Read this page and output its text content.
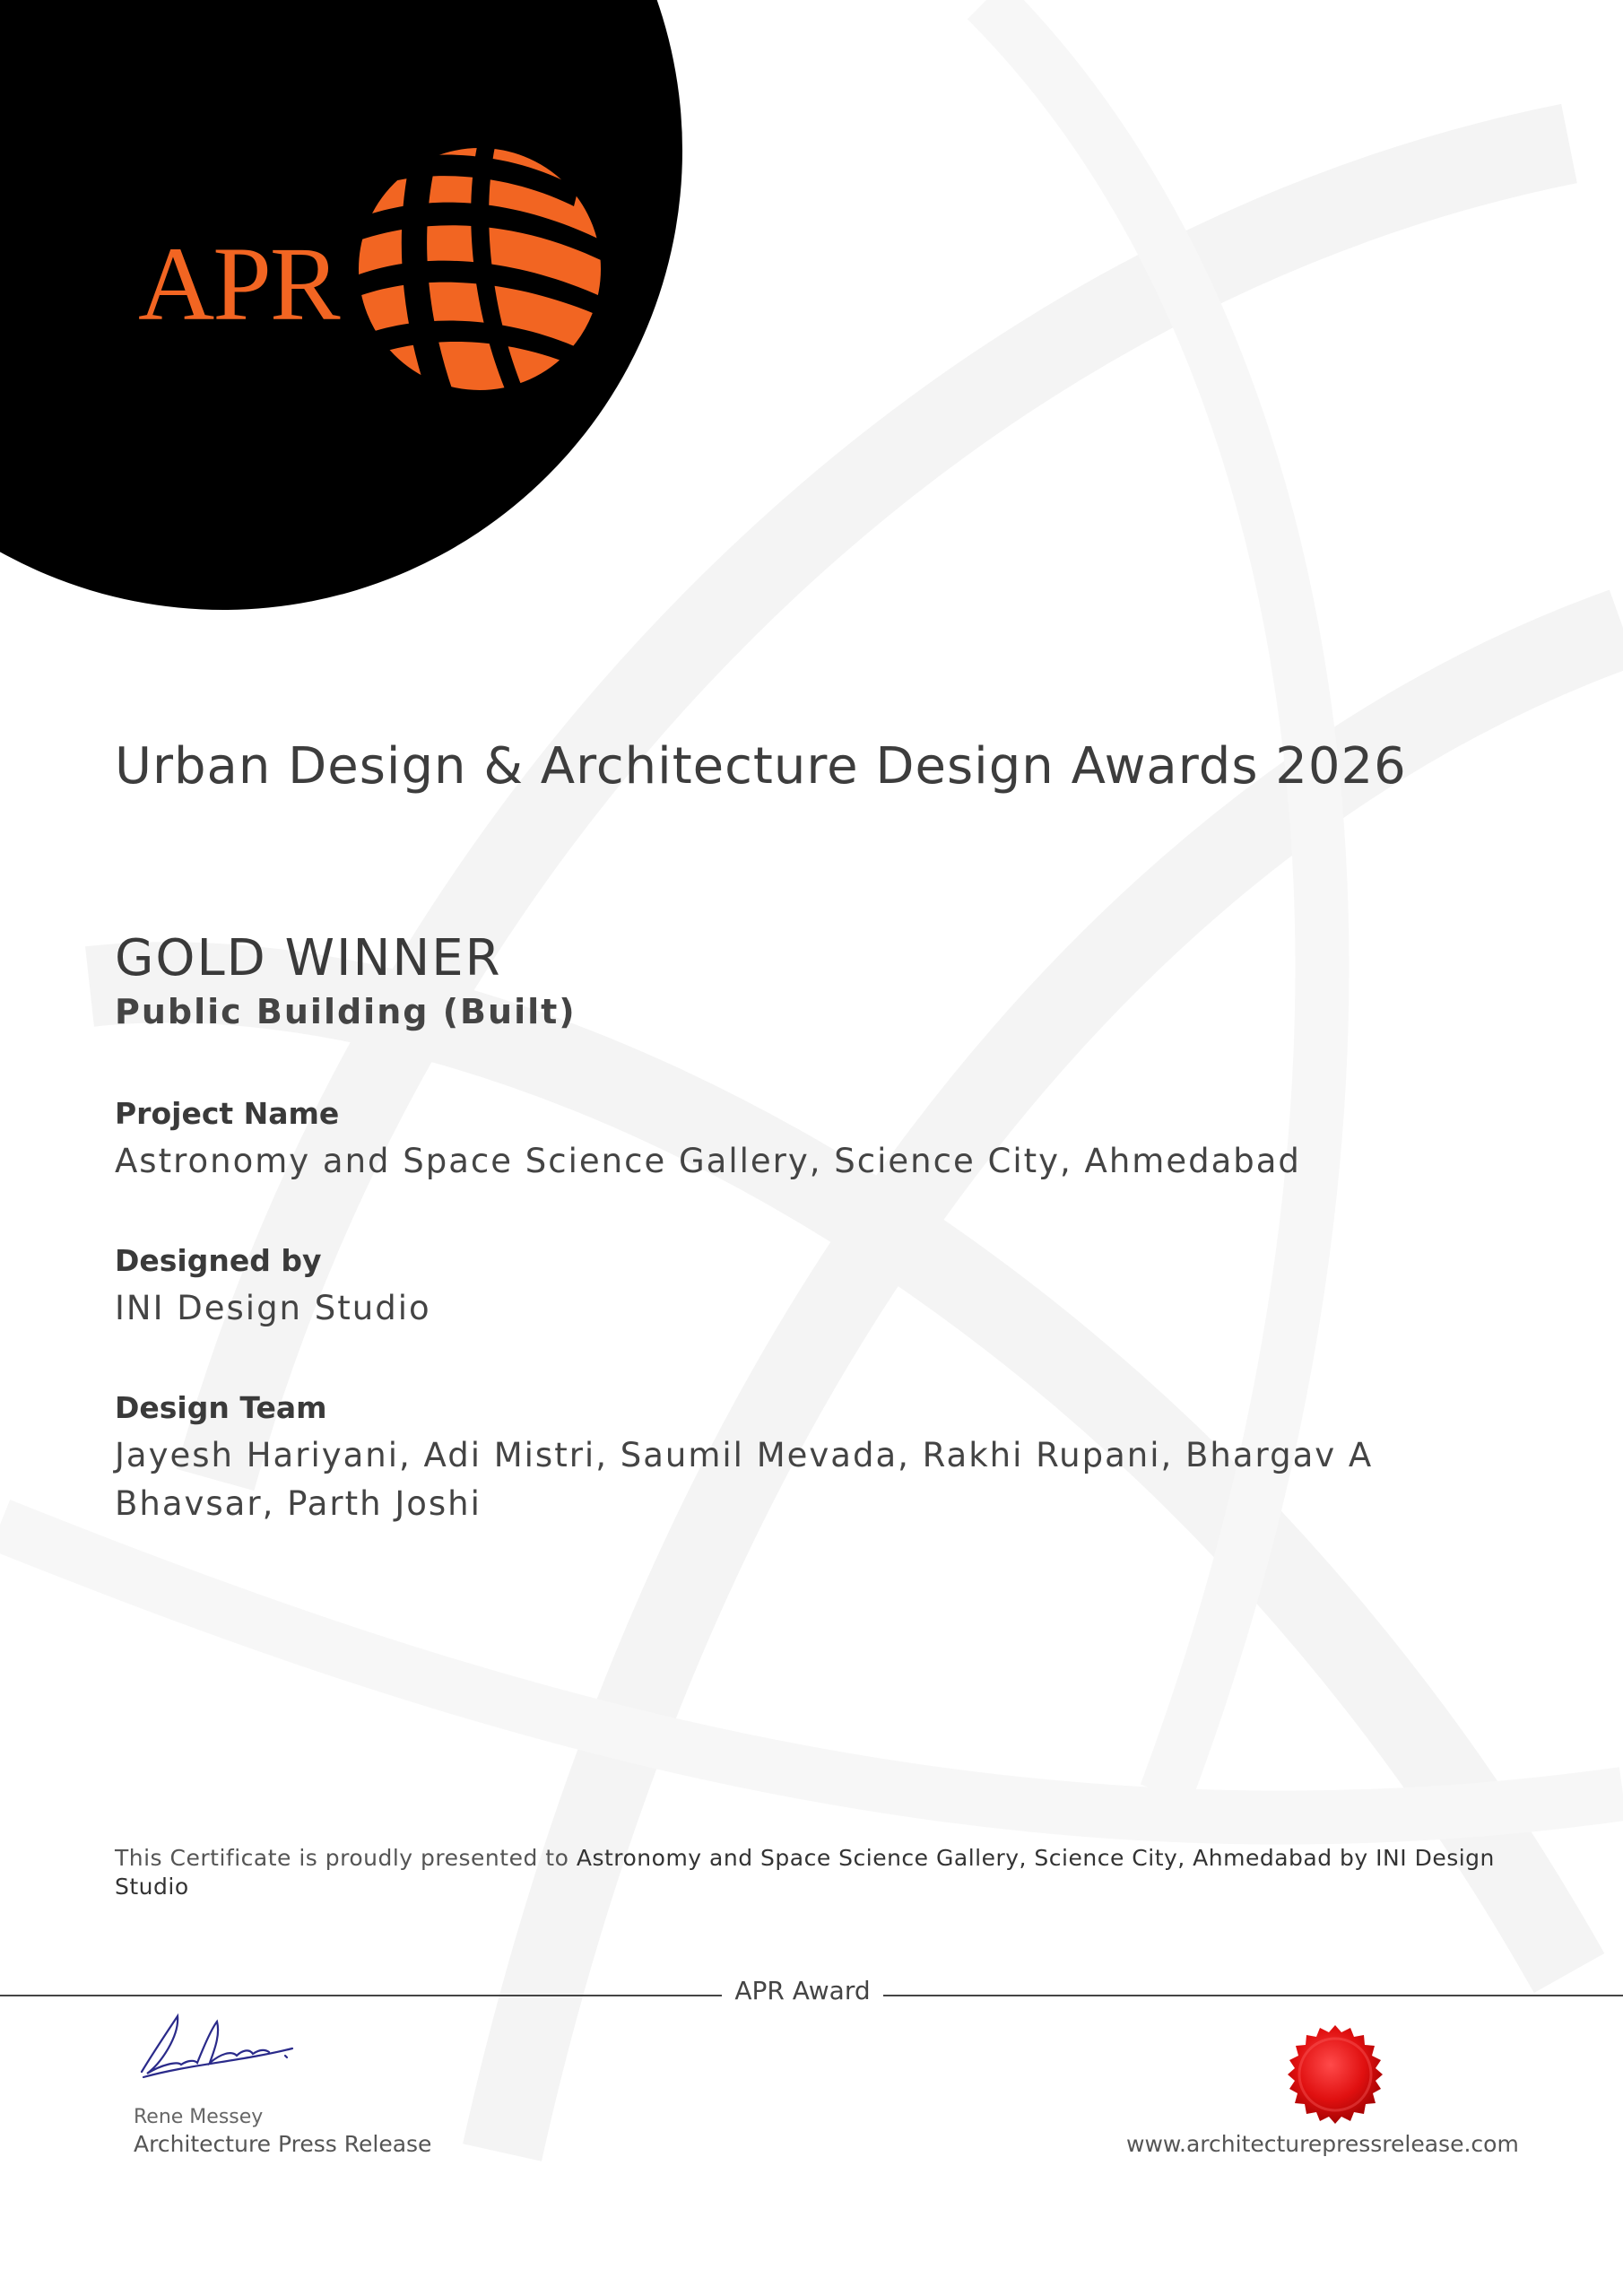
APR
Urban Design & Architecture Design Awards 2026
GOLD WINNER
Public Building (Built)
Project Name
Astronomy and Space Science Gallery, Science City, Ahmedabad
Designed by
INI Design Studio
Design Team
Jayesh Hariyani, Adi Mistri, Saumil Mevada, Rakhi Rupani, Bhargav A Bhavsar, Parth Joshi
This Certificate is proudly presented to Astronomy and Space Science Gallery, Science City, Ahmedabad by INI Design Studio
APR Award
Rene Messey
Architecture Press Release	www.architecturepressrelease.com
